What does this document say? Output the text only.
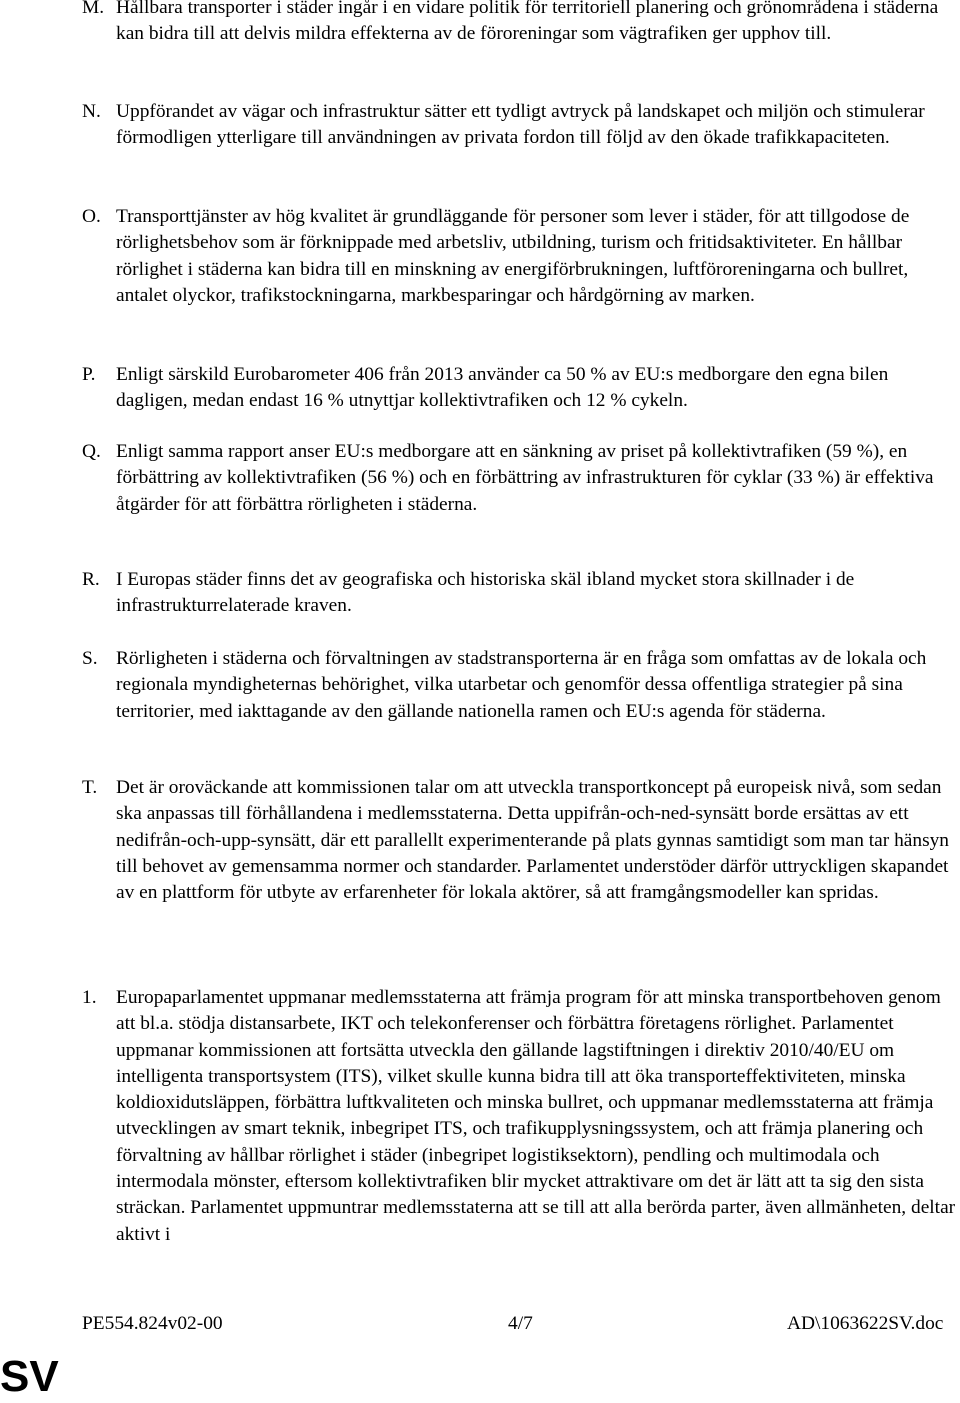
M. Hållbara transporter i städer ingår i en vidare politik för territoriell planering och grönområdena i städerna kan bidra till att delvis mildra effekterna av de föroreningar som vägtrafiken ger upphov till.
N. Uppförandet av vägar och infrastruktur sätter ett tydligt avtryck på landskapet och miljön och stimulerar förmodligen ytterligare till användningen av privata fordon till följd av den ökade trafikkapaciteten.
O. Transporttjänster av hög kvalitet är grundläggande för personer som lever i städer, för att tillgodose de rörlighetsbehov som är förknippade med arbetsliv, utbildning, turism och fritidsaktiviteter. En hållbar rörlighet i städerna kan bidra till en minskning av energiförbrukningen, luftföroreningarna och bullret, antalet olyckor, trafikstockningarna, markbesparingar och hårdgörning av marken.
P.	Enligt särskild Eurobarometer 406 från 2013 använder ca 50 % av EU:s medborgare den egna bilen dagligen, medan endast 16 % utnyttjar kollektivtrafiken och 12 % cykeln.
Q. Enligt samma rapport anser EU:s medborgare att en sänkning av priset på kollektivtrafiken (59 %), en förbättring av kollektivtrafiken (56 %) och en förbättring av infrastrukturen för cyklar (33 %) är effektiva åtgärder för att förbättra rörligheten i städerna.
R. I Europas städer finns det av geografiska och historiska skäl ibland mycket stora skillnader i de infrastrukturrelaterade kraven.
S. Rörligheten i städerna och förvaltningen av stadstransporterna är en fråga som omfattas av de lokala och regionala myndigheternas behörighet, vilka utarbetar och genomför dessa offentliga strategier på sina territorier, med iakttagande av den gällande nationella ramen och EU:s agenda för städerna.
T. Det är oroväckande att kommissionen talar om att utveckla transportkoncept på europeisk nivå, som sedan ska anpassas till förhållandena i medlemsstaterna. Detta uppifrån-och-ned-synsätt borde ersättas av ett nedifrån-och-upp-synsätt, där ett parallellt experimenterande på plats gynnas samtidigt som man tar hänsyn till behovet av gemensamma normer och standarder. Parlamentet understöder därför uttryckligen skapandet av en plattform för utbyte av erfarenheter för lokala aktörer, så att framgångsmodeller kan spridas.
1.	Europaparlamentet uppmanar medlemsstaterna att främja program för att minska transportbehoven genom att bl.a. stödja distansarbete, IKT och telekonferenser och förbättra företagens rörlighet. Parlamentet uppmanar kommissionen att fortsätta utveckla den gällande lagstiftningen i direktiv 2010/40/EU om intelligenta transportsystem (ITS), vilket skulle kunna bidra till att öka transporteffektiviteten, minska koldioxidutsläppen, förbättra luftkvaliteten och minska bullret, och uppmanar medlemsstaterna att främja utvecklingen av smart teknik, inbegripet ITS, och trafikupplysningssystem, och att främja planering och förvaltning av hållbar rörlighet i städer (inbegripet logistiksektorn), pendling och multimodala och intermodala mönster, eftersom kollektivtrafiken blir mycket attraktivare om det är lätt att ta sig den sista sträckan. Parlamentet uppmuntrar medlemsstaterna att se till att alla berörda parter, även allmänheten, deltar aktivt i
PE554.824v02-00	4/7	AD\1063622SV.doc
SV
